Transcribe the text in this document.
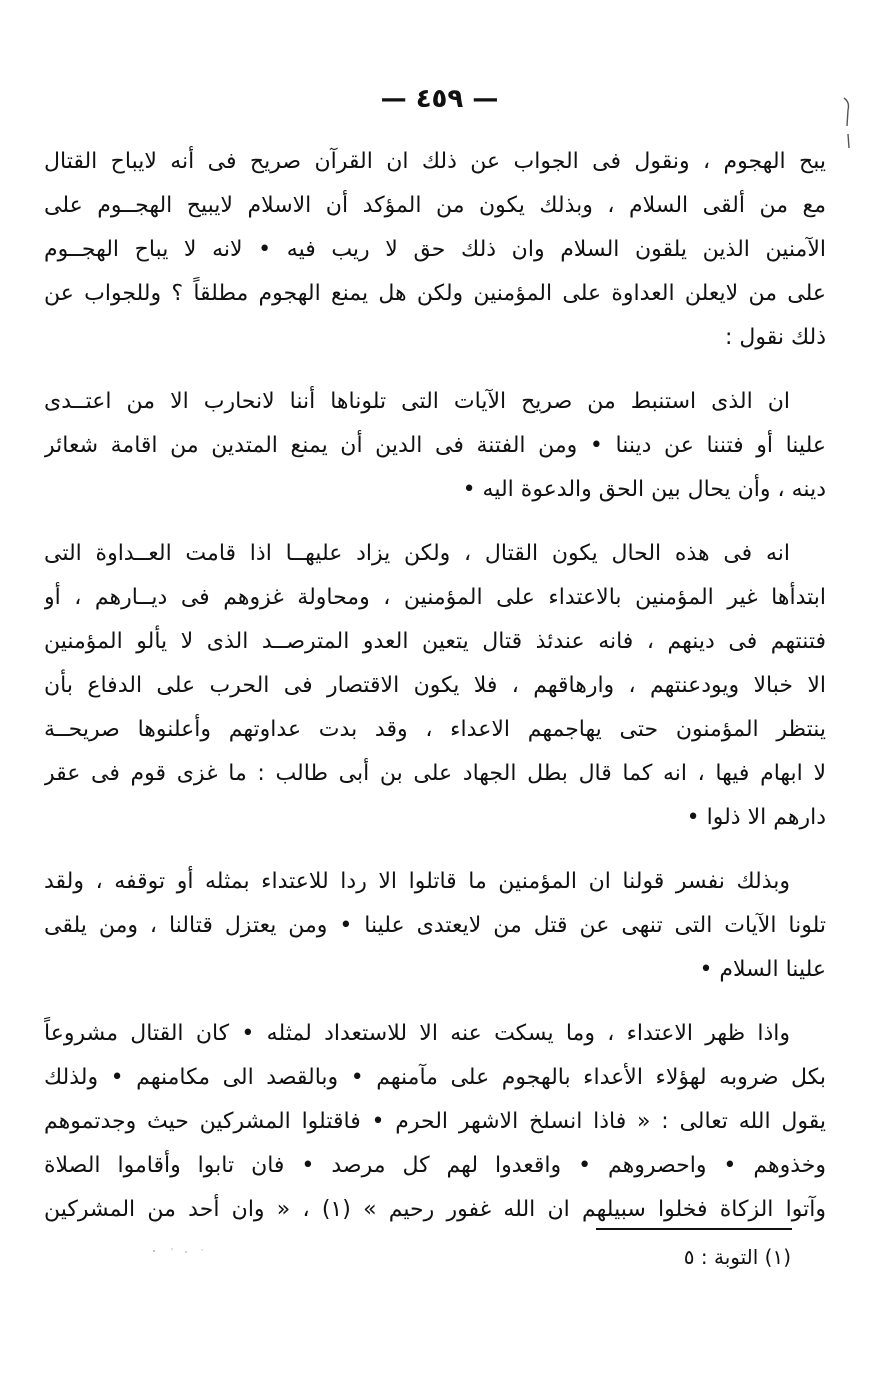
— ٤٥٩ —
يبح الهجوم ، ونقول فى الجواب عن ذلك ان القرآن صريح فى أنه لايباح القتال
مع من ألقى السلام ، وبذلك يكون من المؤكد أن الاسلام لايبيح الهجــوم على
الآمنين الذين يلقون السلام وان ذلك حق لا ريب فيه • لانه لا يباح الهجــوم
على من لايعلن العداوة على المؤمنين ولكن هل يمنع الهجوم مطلقاً ؟ وللجواب عن
ذلك نقول :
ان الذى استنبط من صريح الآيات التى تلوناها أننا لانحارب الا من اعتــدى
علينا أو فتننا عن ديننا • ومن الفتنة فى الدين أن يمنع المتدين من اقامة شعائر
دينه ، وأن يحال بين الحق والدعوة اليه •
انه فى هذه الحال يكون القتال ، ولكن يزاد عليهــا اذا قامت العــداوة التى
ابتدأها غير المؤمنين بالاعتداء على المؤمنين ، ومحاولة غزوهم فى ديــارهم ، أو
فتنتهم فى دينهم ، فانه عندئذ قتال يتعين العدو المترصــد الذى لا يألو المؤمنين
الا خبالا ويودعنتهم ، وارهاقهم ، فلا يكون الاقتصار فى الحرب على الدفاع بأن
ينتظر المؤمنون حتى يهاجمهم الاعداء ، وقد بدت عداوتهم وأعلنوها صريحــة
لا ابهام فيها ، انه كما قال بطل الجهاد على بن أبى طالب : ما غزى قوم فى عقر
دارهم الا ذلوا •
وبذلك نفسر قولنا ان المؤمنين ما قاتلوا الا ردا للاعتداء بمثله أو توقفه ، ولقد
تلونا الآيات التى تنهى عن قتل من لايعتدى علينا • ومن يعتزل قتالنا ، ومن يلقى
علينا السلام •
واذا ظهر الاعتداء ، وما يسكت عنه الا للاستعداد لمثله • كان القتال مشروعاً
بكل ضروبه لهؤلاء الأعداء بالهجوم على مآمنهم • وبالقصد الى مكامنهم • ولذلك
يقول الله تعالى : « فاذا انسلخ الاشهر الحرم • فاقتلوا المشركين حيث وجدتموهم
وخذوهم • واحصروهم • واقعدوا لهم كل مرصد • فان تابوا وأقاموا الصلاة
وآتوا الزكاة فخلوا سبيلهم ان الله غفور رحيم » (١) ، « وان أحد من المشركين
(١) التوبة : ٥
